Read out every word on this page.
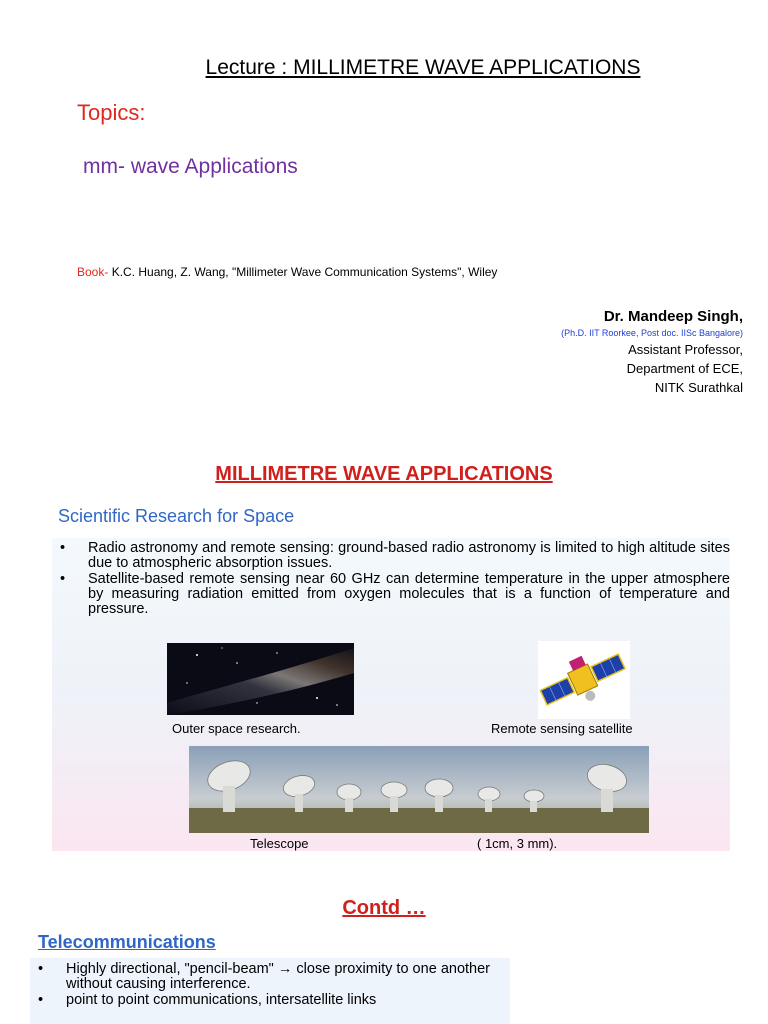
Lecture : MILLIMETRE WAVE APPLICATIONS
Topics:
mm- wave Applications
Book- K.C. Huang, Z. Wang, "Millimeter Wave Communication Systems", Wiley
Dr. Mandeep Singh,
(Ph.D. IIT Roorkee, Post doc. IISc Bangalore)
Assistant Professor,
Department of ECE,
NITK Surathkal
MILLIMETRE WAVE APPLICATIONS
Scientific Research for Space
• Radio astronomy and remote sensing: ground-based radio astronomy is limited to high altitude sites due to atmospheric absorption issues.
• Satellite-based remote sensing near 60 GHz can determine temperature in the upper atmosphere by measuring radiation emitted from oxygen molecules that is a function of temperature and pressure.
Outer space research.	Remote sensing satellite
Telescope	( 1cm, 3 mm).
Contd …
Telecommunications
• Highly directional, "pencil-beam" → close proximity to one another without causing interference.
• point to point communications, intersatellite links
